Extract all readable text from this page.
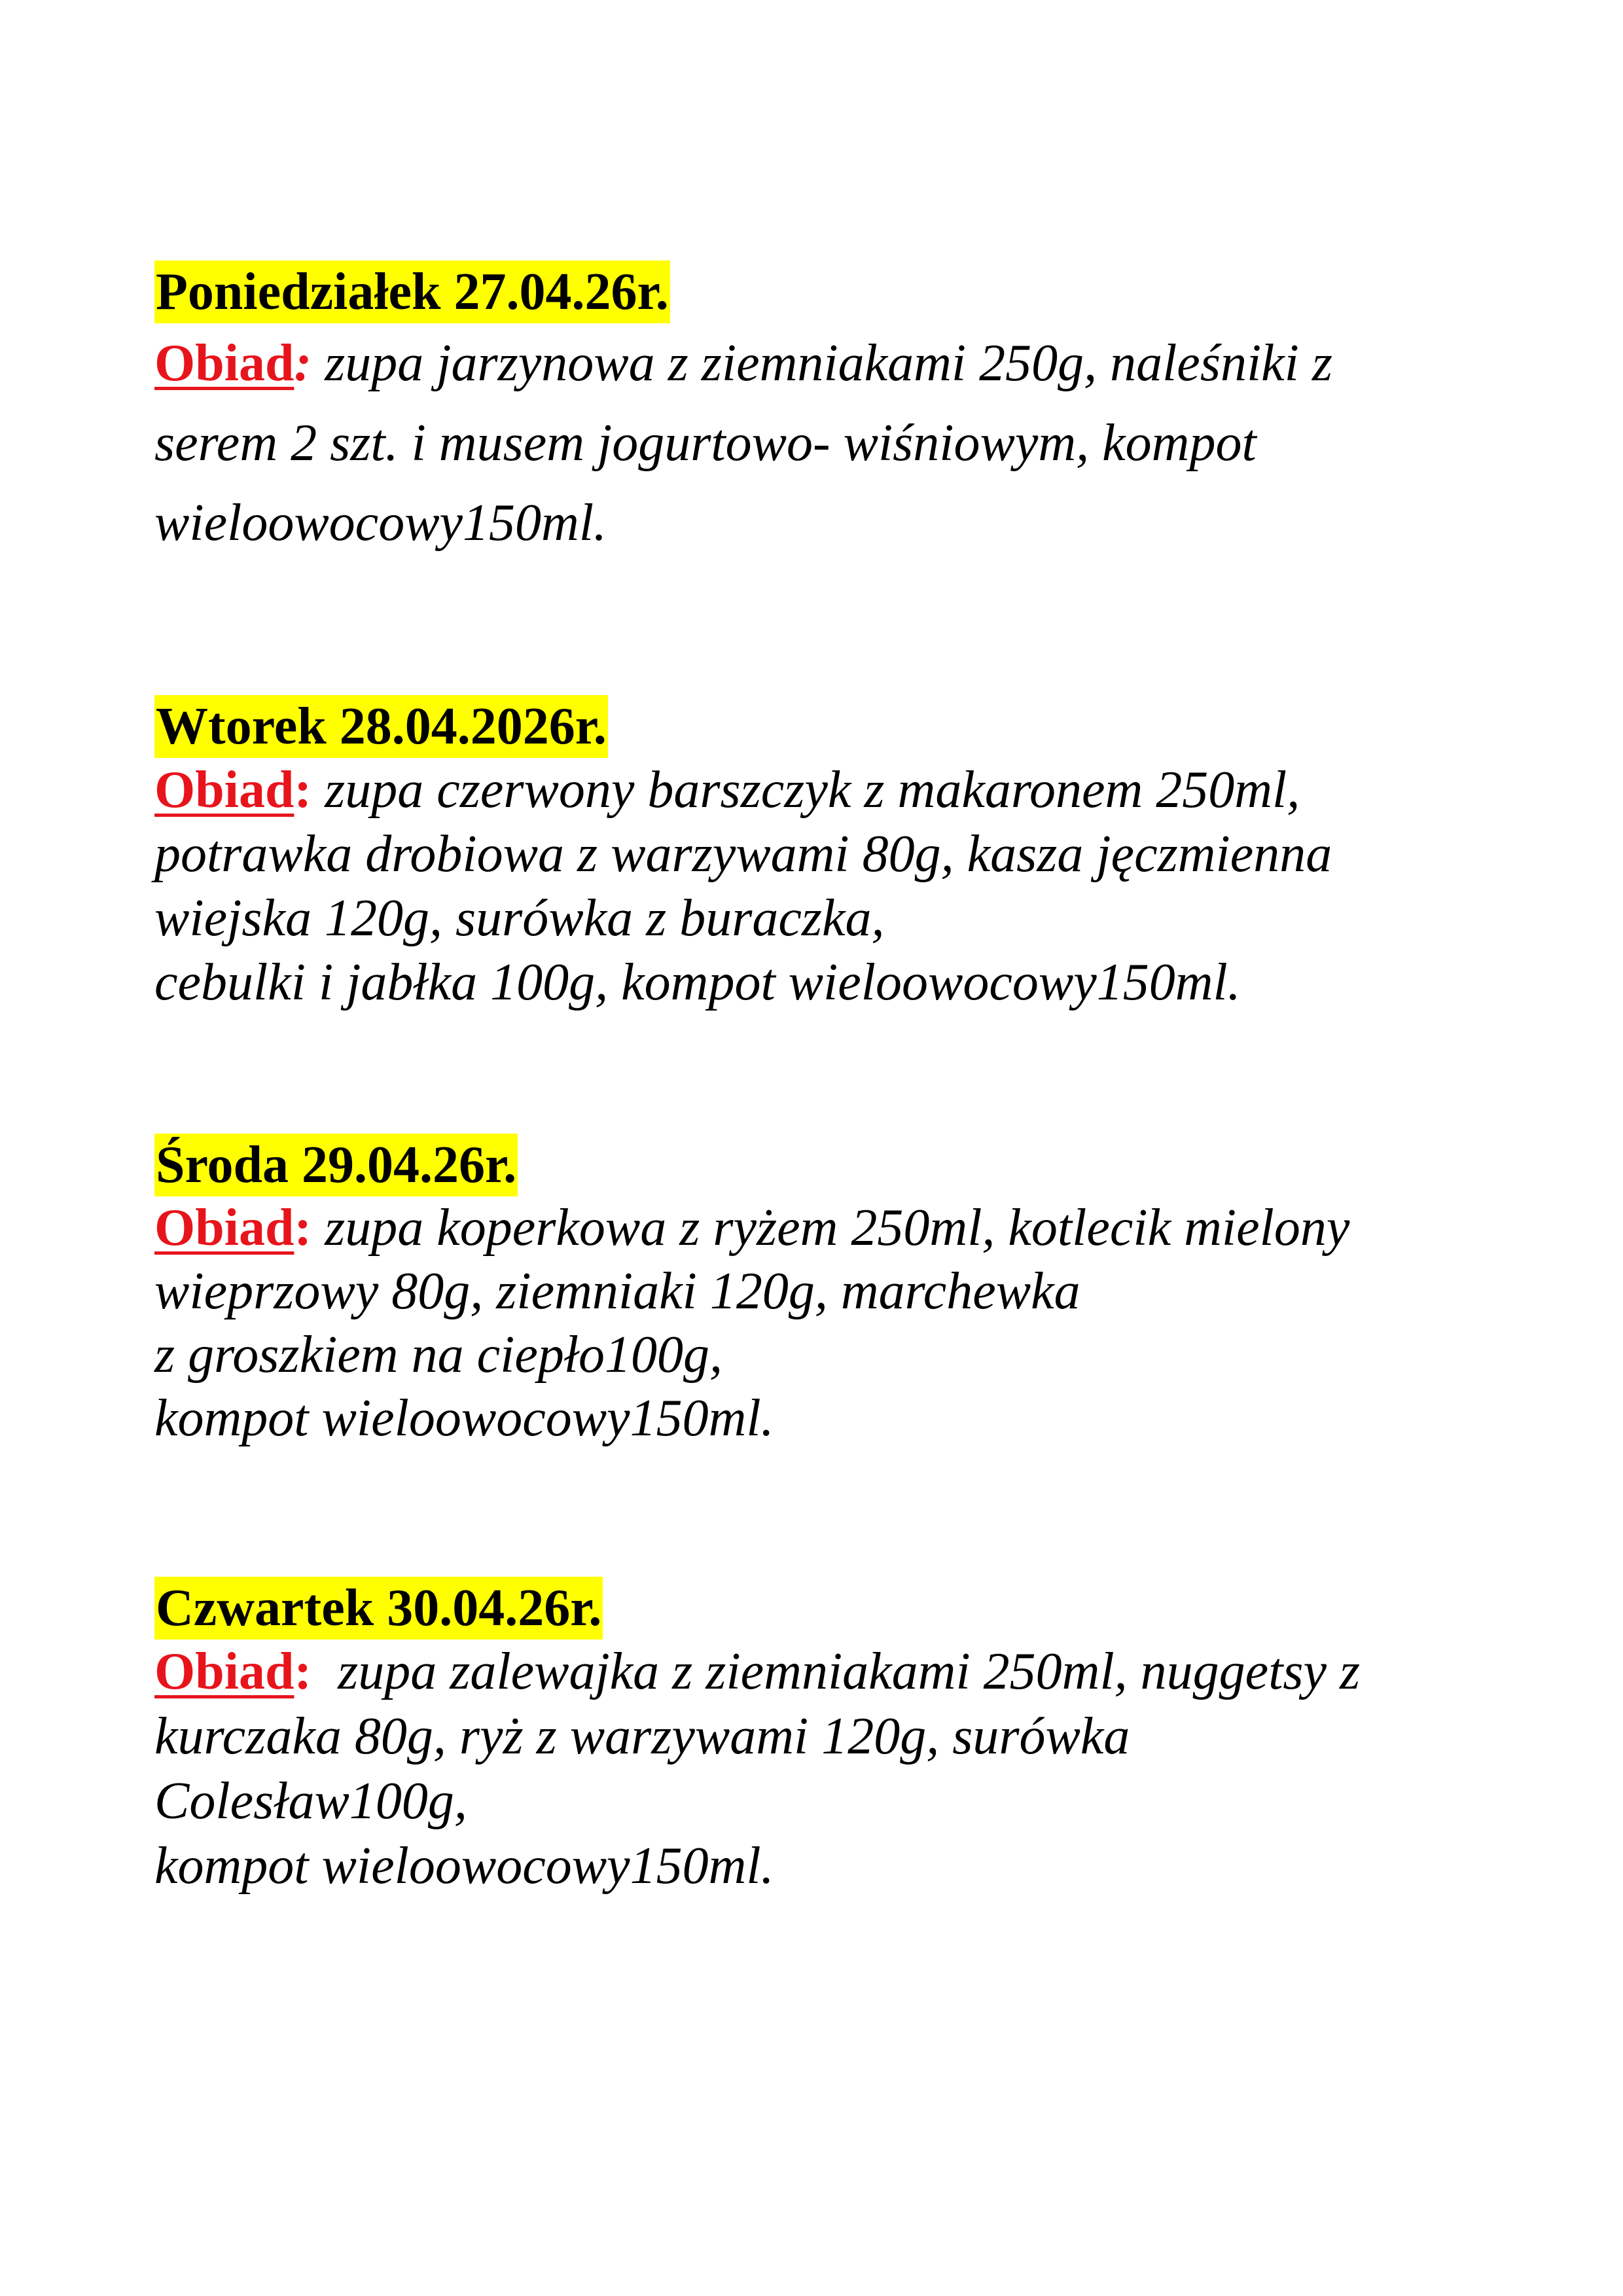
Poniedziałek 27.04.26r.

Obiad: zupa jarzynowa z ziemniakami 250g, naleśniki z
serem 2 szt. i musem jogurtowo- wiśniowym, kompot
wieloowocowy150ml.

Wtorek 28.04.2026r.

Obiad: zupa czerwony barszczyk z makaronem 250ml,
potrawka drobiowa z warzywami 80g, kasza jęczmienna
wiejska 120g, surówka z buraczka,
cebulki i jabłka 100g, kompot wieloowocowy150ml.

Środa 29.04.26r.

Obiad: zupa koperkowa z ryżem 250ml, kotlecik mielony
wieprzowy 80g, ziemniaki 120g, marchewka
z groszkiem na ciepło100g,
kompot wieloowocowy150ml.

Czwartek 30.04.26r.

Obiad: zupa zalewajka z ziemniakami 250ml, nuggetsy z
kurczaka 80g, ryż z warzywami 120g, surówka
Colesław100g,
kompot wieloowocowy150ml.
